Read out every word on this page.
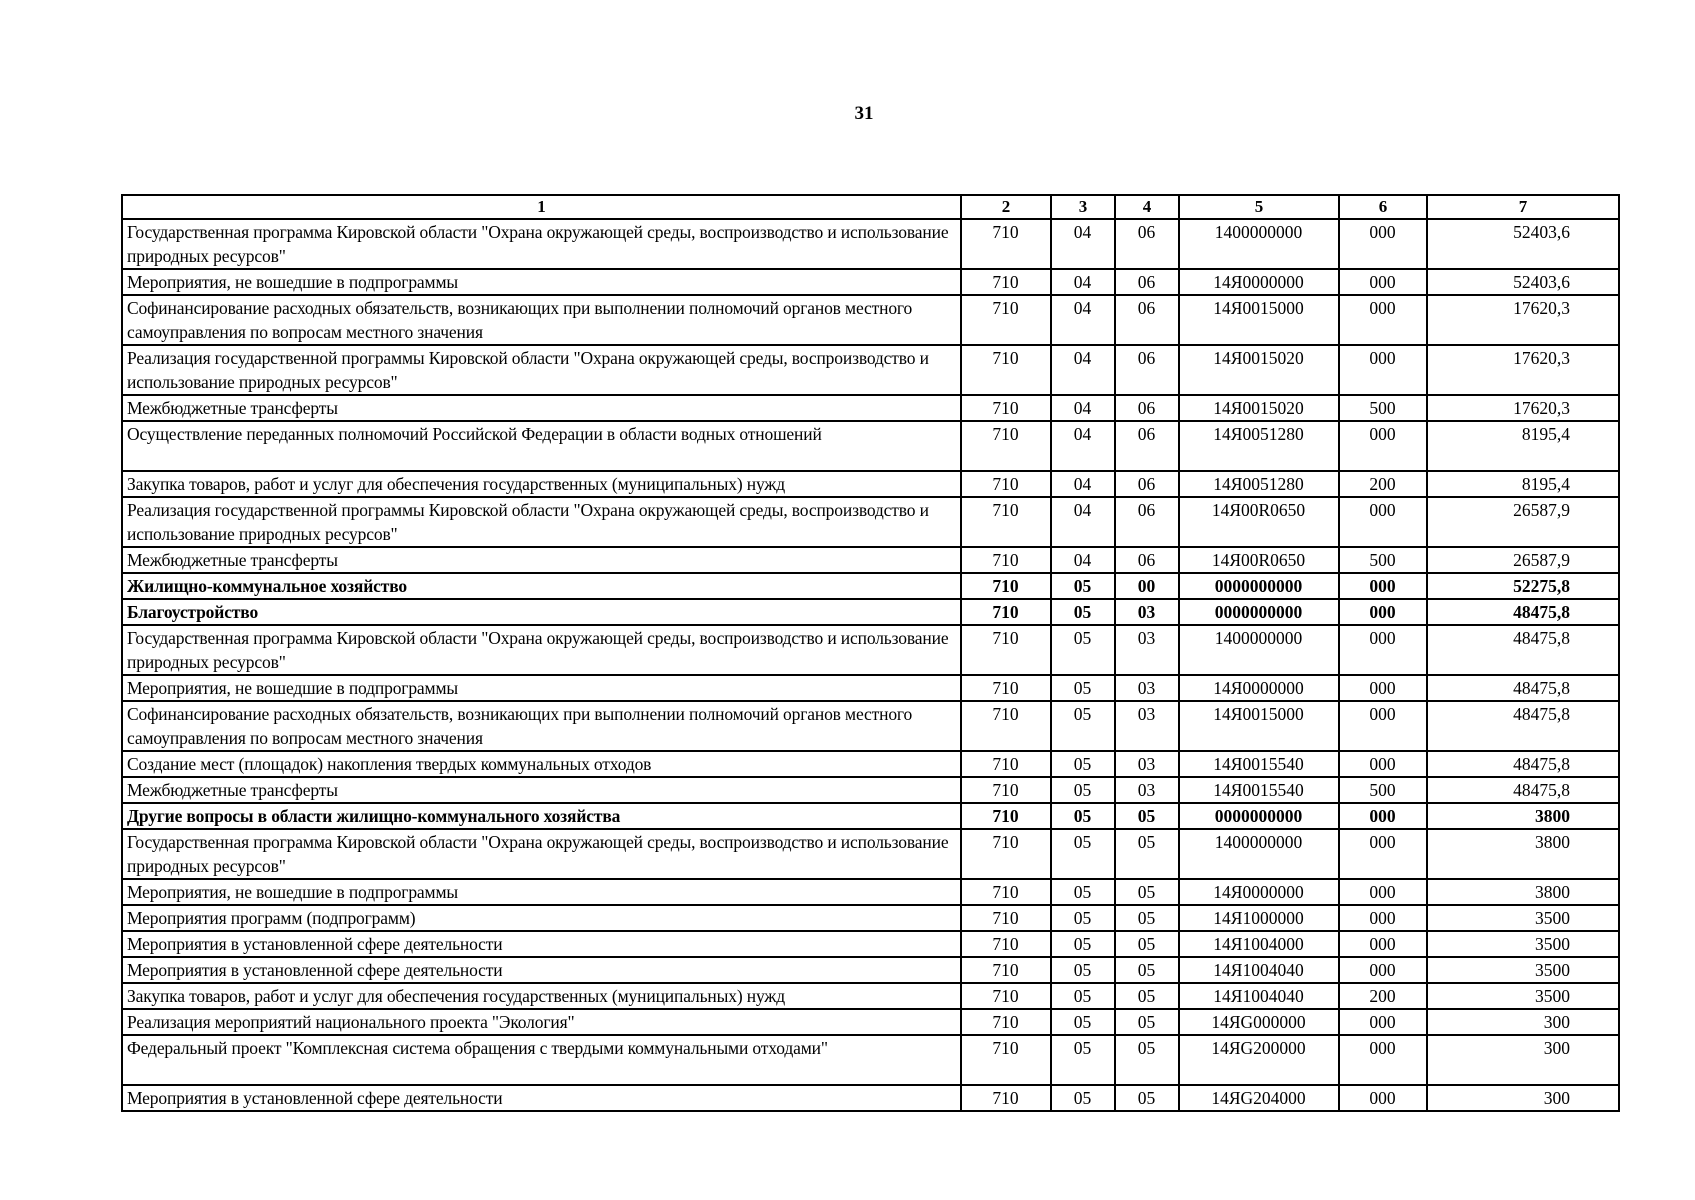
31
1	2	3	4	5	6	7
Государственная программа Кировской области "Охрана окружающей среды, воспроизводство и использование природных ресурсов"	710	04	06	1400000000	000	52403,6
Мероприятия, не вошедшие в подпрограммы	710	04	06	14Я0000000	000	52403,6
Софинансирование расходных обязательств, возникающих при выполнении полномочий органов местного самоуправления по вопросам местного значения	710	04	06	14Я0015000	000	17620,3
Реализация государственной программы Кировской области "Охрана окружающей среды, воспроизводство и использование природных ресурсов"	710	04	06	14Я0015020	000	17620,3
Межбюджетные трансферты	710	04	06	14Я0015020	500	17620,3
Осуществление переданных полномочий Российской Федерации в области водных отношений	710	04	06	14Я0051280	000	8195,4
Закупка товаров, работ и услуг для обеспечения государственных (муниципальных) нужд	710	04	06	14Я0051280	200	8195,4
Реализация государственной программы Кировской области "Охрана окружающей среды, воспроизводство и использование природных ресурсов"	710	04	06	14Я00R0650	000	26587,9
Межбюджетные трансферты	710	04	06	14Я00R0650	500	26587,9
Жилищно-коммунальное хозяйство	710	05	00	0000000000	000	52275,8
Благоустройство	710	05	03	0000000000	000	48475,8
Государственная программа Кировской области "Охрана окружающей среды, воспроизводство и использование природных ресурсов"	710	05	03	1400000000	000	48475,8
Мероприятия, не вошедшие в подпрограммы	710	05	03	14Я0000000	000	48475,8
Софинансирование расходных обязательств, возникающих при выполнении полномочий органов местного самоуправления по вопросам местного значения	710	05	03	14Я0015000	000	48475,8
Создание мест (площадок) накопления твердых коммунальных отходов	710	05	03	14Я0015540	000	48475,8
Межбюджетные трансферты	710	05	03	14Я0015540	500	48475,8
Другие вопросы в области жилищно-коммунального хозяйства	710	05	05	0000000000	000	3800
Государственная программа Кировской области "Охрана окружающей среды, воспроизводство и использование природных ресурсов"	710	05	05	1400000000	000	3800
Мероприятия, не вошедшие в подпрограммы	710	05	05	14Я0000000	000	3800
Мероприятия программ (подпрограмм)	710	05	05	14Я1000000	000	3500
Мероприятия в установленной сфере деятельности	710	05	05	14Я1004000	000	3500
Мероприятия в установленной сфере деятельности	710	05	05	14Я1004040	000	3500
Закупка товаров, работ и услуг для обеспечения государственных (муниципальных) нужд	710	05	05	14Я1004040	200	3500
Реализация мероприятий национального проекта "Экология"	710	05	05	14ЯG000000	000	300
Федеральный проект "Комплексная система обращения с твердыми коммунальными отходами"	710	05	05	14ЯG200000	000	300
Мероприятия в установленной сфере деятельности	710	05	05	14ЯG204000	000	300
